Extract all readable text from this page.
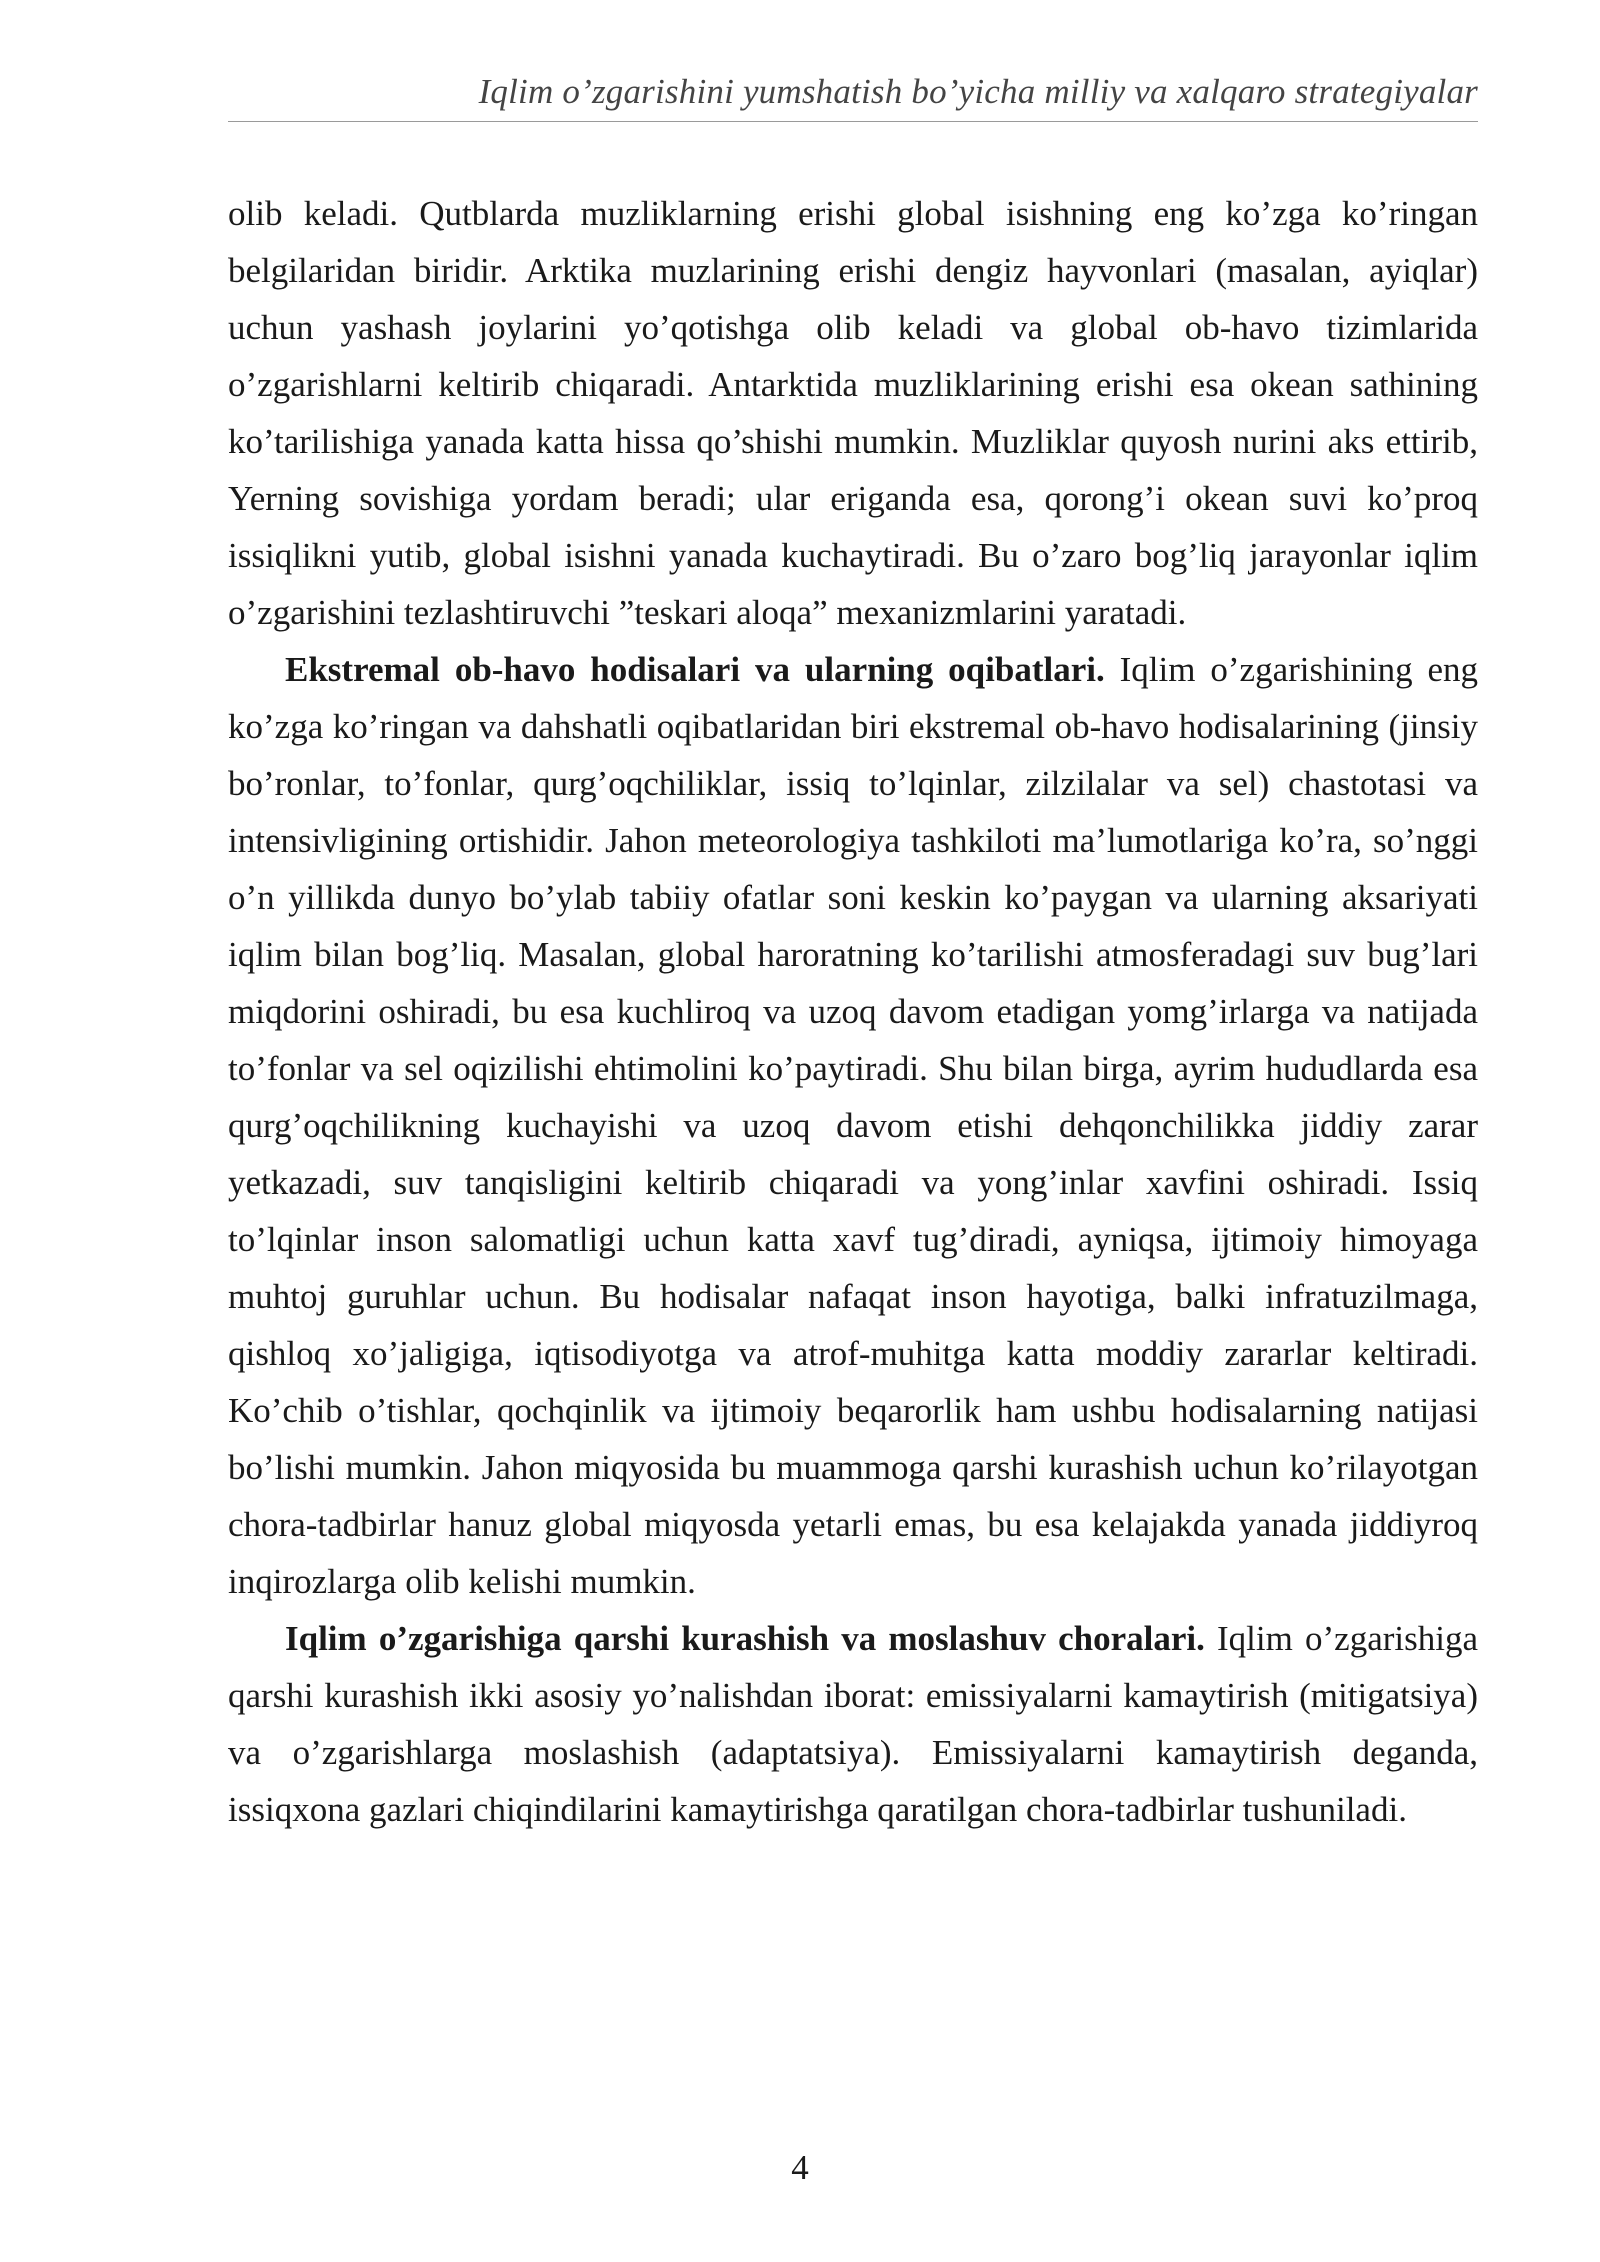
Iqlim o’zgarishini yumshatish bo’yicha milliy va xalqaro strategiyalar

olib keladi. Qutblarda muzliklarning erishi global isishning eng ko’zga ko’ringan belgilaridan biridir. Arktika muzlarining erishi dengiz hayvonlari (masalan, ayiqlar) uchun yashash joylarini yo’qotishga olib keladi va global ob-havo tizimlarida o’zgarishlarni keltirib chiqaradi. Antarktida muzliklarining erishi esa okean sathining ko’tarilishiga yanada katta hissa qo’shishi mumkin. Muzliklar quyosh nurini aks ettirib, Yerning sovishiga yordam beradi; ular eriganda esa, qorong’i okean suvi ko’proq issiqlikni yutib, global isishni yanada kuchaytiradi. Bu o’zaro bog’liq jarayonlar iqlim o’zgarishini tezlashtiruvchi ”teskari aloqa” mexanizmlarini yaratadi.

Ekstremal ob-havo hodisalari va ularning oqibatlari. Iqlim o’zgarishining eng ko’zga ko’ringan va dahshatli oqibatlaridan biri ekstremal ob-havo hodisalarining (jinsiy bo’ronlar, to’fonlar, qurg’oqchiliklar, issiq to’lqinlar, zilzilalar va sel) chastotasi va intensivligining ortishidir. Jahon meteorologiya tashkiloti ma’lumotlariga ko’ra, so’nggi o’n yillikda dunyo bo’ylab tabiiy ofatlar soni keskin ko’paygan va ularning aksariyati iqlim bilan bog’liq. Masalan, global haroratning ko’tarilishi atmosferadagi suv bug’lari miqdorini oshiradi, bu esa kuchliroq va uzoq davom etadigan yomg’irlarga va natijada to’fonlar va sel oqizilishi ehtimolini ko’paytiradi. Shu bilan birga, ayrim hududlarda esa qurg’oqchilikning kuchayishi va uzoq davom etishi dehqonchilikka jiddiy zarar yetkazadi, suv tanqisligini keltirib chiqaradi va yong’inlar xavfini oshiradi. Issiq to’lqinlar inson salomatligi uchun katta xavf tug’diradi, ayniqsa, ijtimoiy himoyaga muhtoj guruhlar uchun. Bu hodisalar nafaqat inson hayotiga, balki infratuzilmaga, qishloq xo’jaligiga, iqtisodiyotga va atrof-muhitga katta moddiy zararlar keltiradi. Ko’chib o’tishlar, qochqinlik va ijtimoiy beqarorlik ham ushbu hodisalarning natijasi bo’lishi mumkin. Jahon miqyosida bu muammoga qarshi kurashish uchun ko’rilayotgan chora-tadbirlar hanuz global miqyosda yetarli emas, bu esa kelajakda yanada jiddiyroq inqirozlarga olib kelishi mumkin.

Iqlim o’zgarishiga qarshi kurashish va moslashuv choralari. Iqlim o’zgarishiga qarshi kurashish ikki asosiy yo’nalishdan iborat: emissiyalarni kamaytirish (mitigatsiya) va o’zgarishlarga moslashish (adaptatsiya). Emissiyalarni kamaytirish deganda, issiqxona gazlari chiqindilarini kamaytirishga qaratilgan chora-tadbirlar tushuniladi.

4
